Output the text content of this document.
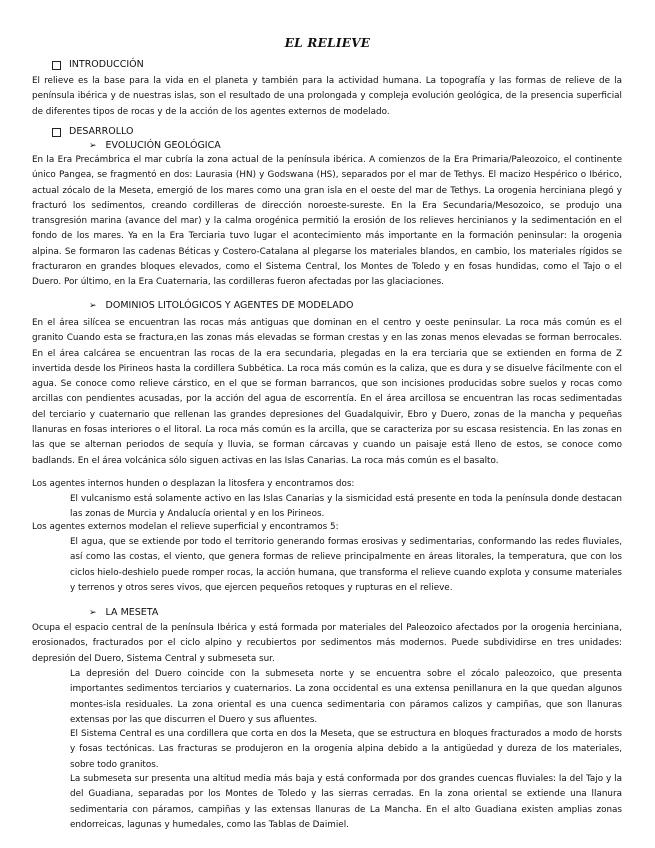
EL RELIEVE
INTRODUCCIÓN

El relieve es la base para la vida en el planeta y también para la actividad humana. La topografía y las formas de relieve de la península ibérica y de nuestras islas, son el resultado de una prolongada y compleja evolución geológica, de la presencia superficial de diferentes tipos de rocas y de la acción de los agentes externos de modelado.

DESARROLLO
➢ EVOLUCIÓN GEOLÓGICA

En la Era Precámbrica el mar cubría la zona actual de la península ibérica. A comienzos de la Era Primaria/Paleozoico, el continente único Pangea, se fragmentó en dos: Laurasia (HN) y Godswana (HS), separados por el mar de Tethys. El macizo Hespérico o Ibérico, actual zócalo de la Meseta, emergió de los mares como una gran isla en el oeste del mar de Tethys. La orogenia herciniana plegó y fracturó los sedimentos, creando cordilleras de dirección noroeste-sureste. En la Era Secundaria/Mesozoico, se produjo una transgresión marina (avance del mar) y la calma orogénica permitió la erosión de los relieves hercinianos y la sedimentación en el fondo de los mares. Ya en la Era Terciaria tuvo lugar el acontecimiento más importante en la formación peninsular: la orogenia alpina. Se formaron las cadenas Béticas y Costero-Catalana al plegarse los materiales blandos, en cambio, los materiales rígidos se fracturaron en grandes bloques elevados, como el Sistema Central, los Montes de Toledo y en fosas hundidas, como el Tajo o el Duero. Por último, en la Era Cuaternaria, las cordilleras fueron afectadas por las glaciaciones.

➢ DOMINIOS LITOLÓGICOS Y AGENTES DE MODELADO

En el área silícea se encuentran las rocas más antiguas que dominan en el centro y oeste peninsular. La roca más común es el granito Cuando esta se fractura,en las zonas más elevadas se forman crestas y en las zonas menos elevadas se forman berrocales. En el área calcárea se encuentran las rocas de la era secundaria, plegadas en la era terciaria que se extienden en forma de Z invertida desde los Pirineos hasta la cordillera Subbética. La roca más común es la caliza, que es dura y se disuelve fácilmente con el agua. Se conoce como relieve cárstico, en el que se forman barrancos, que son incisiones producidas sobre suelos y rocas como arcillas con pendientes acusadas, por la acción del agua de escorrentía. En el área arcillosa se encuentran las rocas sedimentadas del terciario y cuaternario que rellenan las grandes depresiones del Guadalquivir, Ebro y Duero, zonas de la mancha y pequeñas llanuras en fosas interiores o el litoral. La roca más común es la arcilla, que se caracteriza por su escasa resistencia. En las zonas en las que se alternan periodos de sequía y lluvia, se forman cárcavas y cuando un paisaje está lleno de estos, se conoce como badlands. En el área volcánica sólo siguen activas en las Islas Canarias. La roca más común es el basalto.

Los agentes internos hunden o desplazan la litosfera y encontramos dos:

El vulcanismo está solamente activo en las Islas Canarias y la sismicidad está presente en toda la península donde destacan las zonas de Murcia y Andalucía oriental y en los Pirineos.

Los agentes externos modelan el relieve superficial y encontramos 5:

El agua, que se extiende por todo el territorio generando formas erosivas y sedimentarias, conformando las redes fluviales, así como las costas, el viento, que genera formas de relieve principalmente en áreas litorales, la temperatura, que con los ciclos hielo-deshielo puede romper rocas, la acción humana, que transforma el relieve cuando explota y consume materiales y terrenos y otros seres vivos, que ejercen pequeños retoques y rupturas en el relieve.

➢ LA MESETA

Ocupa el espacio central de la península Ibérica y está formada por materiales del Paleozoico afectados por la orogenia herciniana, erosionados, fracturados por el ciclo alpino y recubiertos por sedimentos más modernos. Puede subdividirse en tres unidades: depresión del Duero, Sistema Central y submeseta sur.

La depresión del Duero coincide con la submeseta norte y se encuentra sobre el zócalo paleozoico, que presenta importantes sedimentos terciarios y cuaternarios. La zona occidental es una extensa penillanura en la que quedan algunos montes-isla residuales. La zona oriental es una cuenca sedimentaria con páramos calizos y campiñas, que son llanuras extensas por las que discurren el Duero y sus afluentes.

El Sistema Central es una cordillera que corta en dos la Meseta, que se estructura en bloques fracturados a modo de horsts y fosas tectónicas. Las fracturas se produjeron en la orogenia alpina debido a la antigüedad y dureza de los materiales, sobre todo granitos.

La submeseta sur presenta una altitud media más baja y está conformada por dos grandes cuencas fluviales: la del Tajo y la del Guadiana, separadas por los Montes de Toledo y las sierras cerradas. En la zona oriental se extiende una llanura sedimentaria con páramos, campiñas y las extensas llanuras de La Mancha. En el alto Guadiana existen amplias zonas endorreicas, lagunas y humedales, como las Tablas de Daimiel.
